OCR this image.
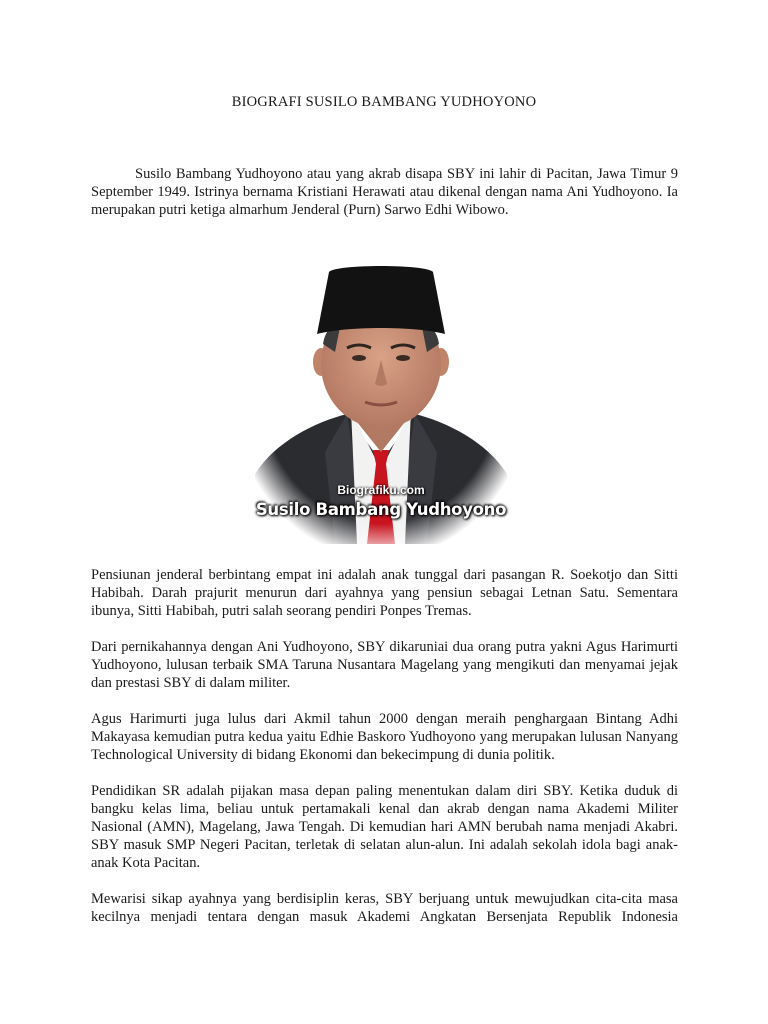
BIOGRAFI SUSILO BAMBANG YUDHOYONO

Susilo Bambang Yudhoyono atau yang akrab disapa SBY ini lahir di Pacitan, Jawa Timur 9 September 1949. Istrinya bernama Kristiani Herawati atau dikenal dengan nama Ani Yudhoyono. Ia merupakan putri ketiga almarhum Jenderal (Purn) Sarwo Edhi Wibowo.

Biografiku.com
Susilo Bambang Yudhoyono

Pensiunan jenderal berbintang empat ini adalah anak tunggal dari pasangan R. Soekotjo dan Sitti Habibah. Darah prajurit menurun dari ayahnya yang pensiun sebagai Letnan Satu. Sementara ibunya, Sitti Habibah, putri salah seorang pendiri Ponpes Tremas.

Dari pernikahannya dengan Ani Yudhoyono, SBY dikaruniai dua orang putra yakni Agus Harimurti Yudhoyono, lulusan terbaik SMA Taruna Nusantara Magelang yang mengikuti dan menyamai jejak dan prestasi SBY di dalam militer.

Agus Harimurti juga lulus dari Akmil tahun 2000 dengan meraih penghargaan Bintang Adhi Makayasa kemudian putra kedua yaitu Edhie Baskoro Yudhoyono yang merupakan lulusan Nanyang Technological University di bidang Ekonomi dan bekecimpung di dunia politik.

Pendidikan SR adalah pijakan masa depan paling menentukan dalam diri SBY. Ketika duduk di bangku kelas lima, beliau untuk pertamakali kenal dan akrab dengan nama Akademi Militer Nasional (AMN), Magelang, Jawa Tengah. Di kemudian hari AMN berubah nama menjadi Akabri. SBY masuk SMP Negeri Pacitan, terletak di selatan alun-alun. Ini adalah sekolah idola bagi anak-anak Kota Pacitan.

Mewarisi sikap ayahnya yang berdisiplin keras, SBY berjuang untuk mewujudkan cita-cita masa kecilnya menjadi tentara dengan masuk Akademi Angkatan Bersenjata Republik Indonesia
